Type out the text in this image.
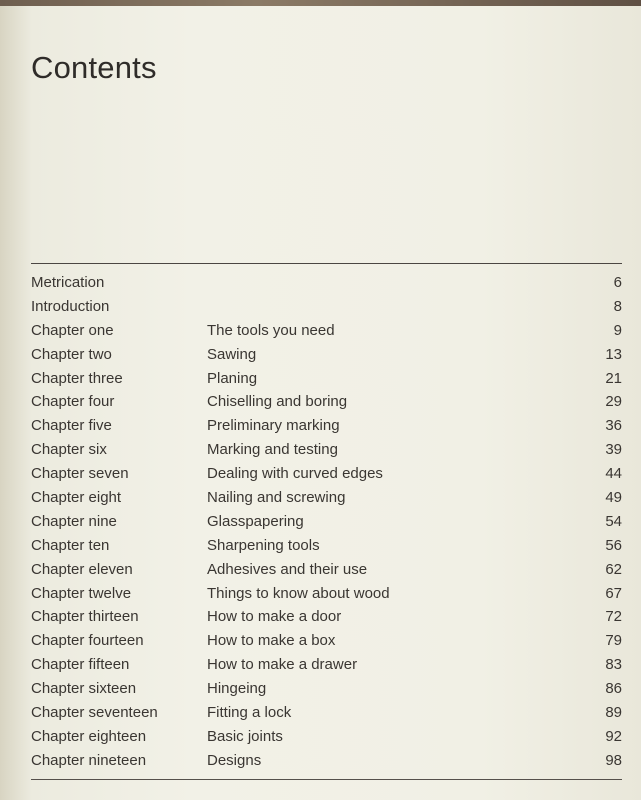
Contents
Metrication	6
Introduction	8
Chapter one	The tools you need	9
Chapter two	Sawing	13
Chapter three	Planing	21
Chapter four	Chiselling and boring	29
Chapter five	Preliminary marking	36
Chapter six	Marking and testing	39
Chapter seven	Dealing with curved edges	44
Chapter eight	Nailing and screwing	49
Chapter nine	Glasspapering	54
Chapter ten	Sharpening tools	56
Chapter eleven	Adhesives and their use	62
Chapter twelve	Things to know about wood	67
Chapter thirteen	How to make a door	72
Chapter fourteen	How to make a box	79
Chapter fifteen	How to make a drawer	83
Chapter sixteen	Hingeing	86
Chapter seventeen	Fitting a lock	89
Chapter eighteen	Basic joints	92
Chapter nineteen	Designs	98
